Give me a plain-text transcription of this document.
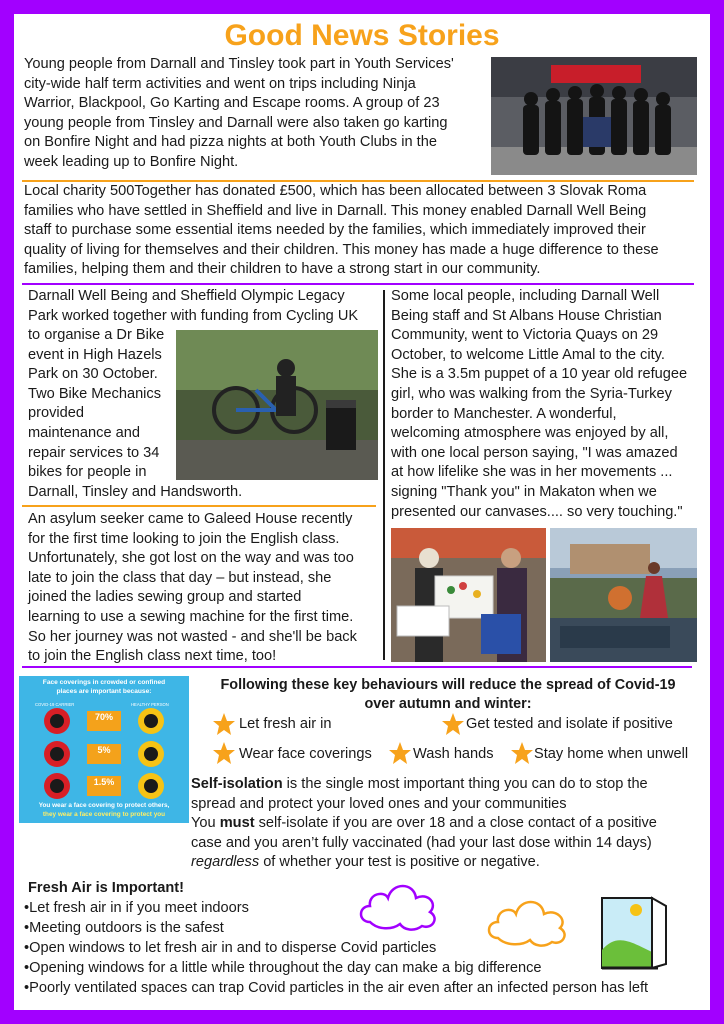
Good News Stories

Young people from Darnall and Tinsley took part in Youth Services'

city-wide half term activities and went on trips including Ninja

Warrior, Blackpool, Go Karting and Escape rooms. A group of 23

young people from Tinsley and Darnall were also taken go karting

on Bonfire Night and had pizza nights at both Youth Clubs in the

week leading up to Bonfire Night.

Local charity 500Together has donated £500, which has been allocated between 3 Slovak Roma

families who have settled in Sheffield and live in Darnall. This money enabled Darnall Well Being

staff to purchase some essential items needed by the families, which immediately improved their

quality of living for themselves and their children. This money has made a huge difference to these

families, helping them and their children to have a strong start in our community.

Darnall Well Being and Sheffield Olympic Legacy

Park worked together with funding from Cycling UK

to organise a Dr Bike

event in High Hazels

Park on 30 October.

Two Bike Mechanics

provided

maintenance and

repair services to 34

bikes for people in

Darnall, Tinsley and Handsworth.

Some local people, including Darnall Well

Being staff and St Albans House Christian

Community, went to Victoria Quays on 29

October, to welcome Little Amal to the city.

She is a 3.5m puppet of a 10 year old refugee

girl, who was walking from the Syria-Turkey

border to Manchester. A wonderful,

welcoming atmosphere was enjoyed by all,

with one local person saying, "I was amazed

at how lifelike she was in her movements ...

signing "Thank you" in Makaton when we

presented our canvases.... so very touching."

An asylum seeker came to Galeed House recently

for the first time looking to join the English class.

Unfortunately, she got lost on the way and was too

late to join the class that day – but instead, she

joined the ladies sewing group and started

learning to use a sewing machine for the first time.

So her journey was not wasted - and she'll be back

to join the English class next time, too!

Face coverings in crowded or confined
places are important because:
COVID-19 CARRIER	HEALTHY PERSON
70%
5%
1.5%
You wear a face covering to protect others,
they wear a face covering to protect you
Following these key behaviours will reduce the spread of Covid-19
over autumn and winter:
Let fresh air in	Get tested and isolate if positive
Wear face coverings	Wash hands	Stay home when unwell

Self-isolation is the single most important thing you can do to stop the

spread and protect your loved ones and your communities

You must self-isolate if you are over 18 and a close contact of a positive

case and you aren’t fully vaccinated (had your last dose within 14 days)

regardless of whether your test is positive or negative.

Fresh Air is Important!
•Let fresh air in if you meet indoors
•Meeting outdoors is the safest
•Open windows to let fresh air in and to disperse Covid particles
•Opening windows for a little while throughout the day can make a big difference
•Poorly ventilated spaces can trap Covid particles in the air even after an infected person has left
